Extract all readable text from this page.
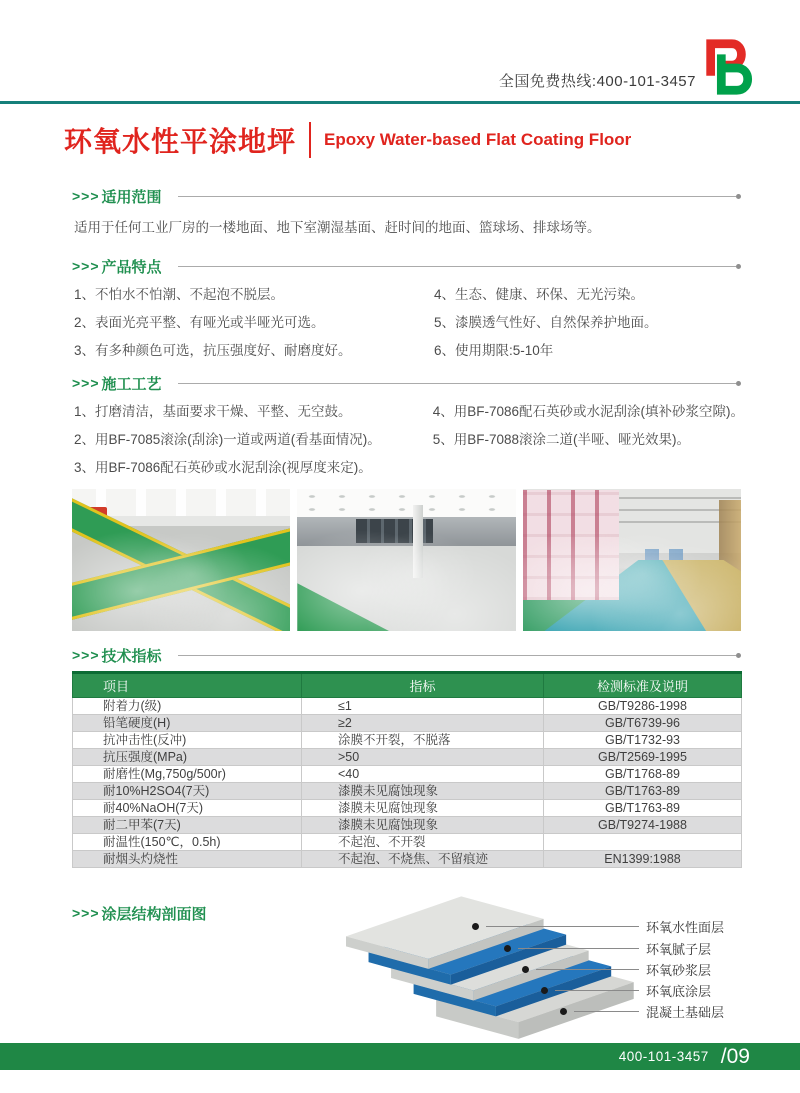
全国免费热线:400-101-3457
环氧水性平涂地坪 Epoxy Water-based Flat Coating Floor
>>> 适用范围
适用于任何工业厂房的一楼地面、地下室潮湿基面、赶时间的地面、篮球场、排球场等。
>>> 产品特点
1、不怕水不怕潮、不起泡不脱层。
2、表面光亮平整、有哑光或半哑光可选。
3、有多种颜色可选，抗压强度好、耐磨度好。
4、生态、健康、环保、无光污染。
5、漆膜透气性好、自然保养护地面。
6、使用期限:5-10年
>>> 施工工艺
1、打磨清洁，基面要求干燥、平整、无空鼓。
2、用BF-7085滚涂(刮涂)一道或两道(看基面情况)。
3、用BF-7086配石英砂或水泥刮涂(视厚度来定)。
4、用BF-7086配石英砂或水泥刮涂(填补砂浆空隙)。
5、用BF-7088滚涂二道(半哑、哑光效果)。
>>> 技术指标
项目	指标	检测标准及说明
附着力(级)	≤1	GB/T9286-1998
铅笔硬度(H)	≥2	GB/T6739-96
抗冲击性(反冲)	涂膜不开裂，不脱落	GB/T1732-93
抗压强度(MPa)	>50	GB/T2569-1995
耐磨性(Mg,750g/500r)	<40	GB/T1768-89
耐10%H2SO4(7天)	漆膜未见腐蚀现象	GB/T1763-89
耐40%NaOH(7天)	漆膜未见腐蚀现象	GB/T1763-89
耐二甲苯(7天)	漆膜未见腐蚀现象	GB/T9274-1988
耐温性(150℃，0.5h)	不起泡、不开裂	
耐烟头灼烧性	不起泡、不烧焦、不留痕迹	EN1399:1988
>>> 涂层结构剖面图
环氧水性面层
环氧腻子层
环氧砂浆层
环氧底涂层
混凝土基础层
400-101-3457 /09
